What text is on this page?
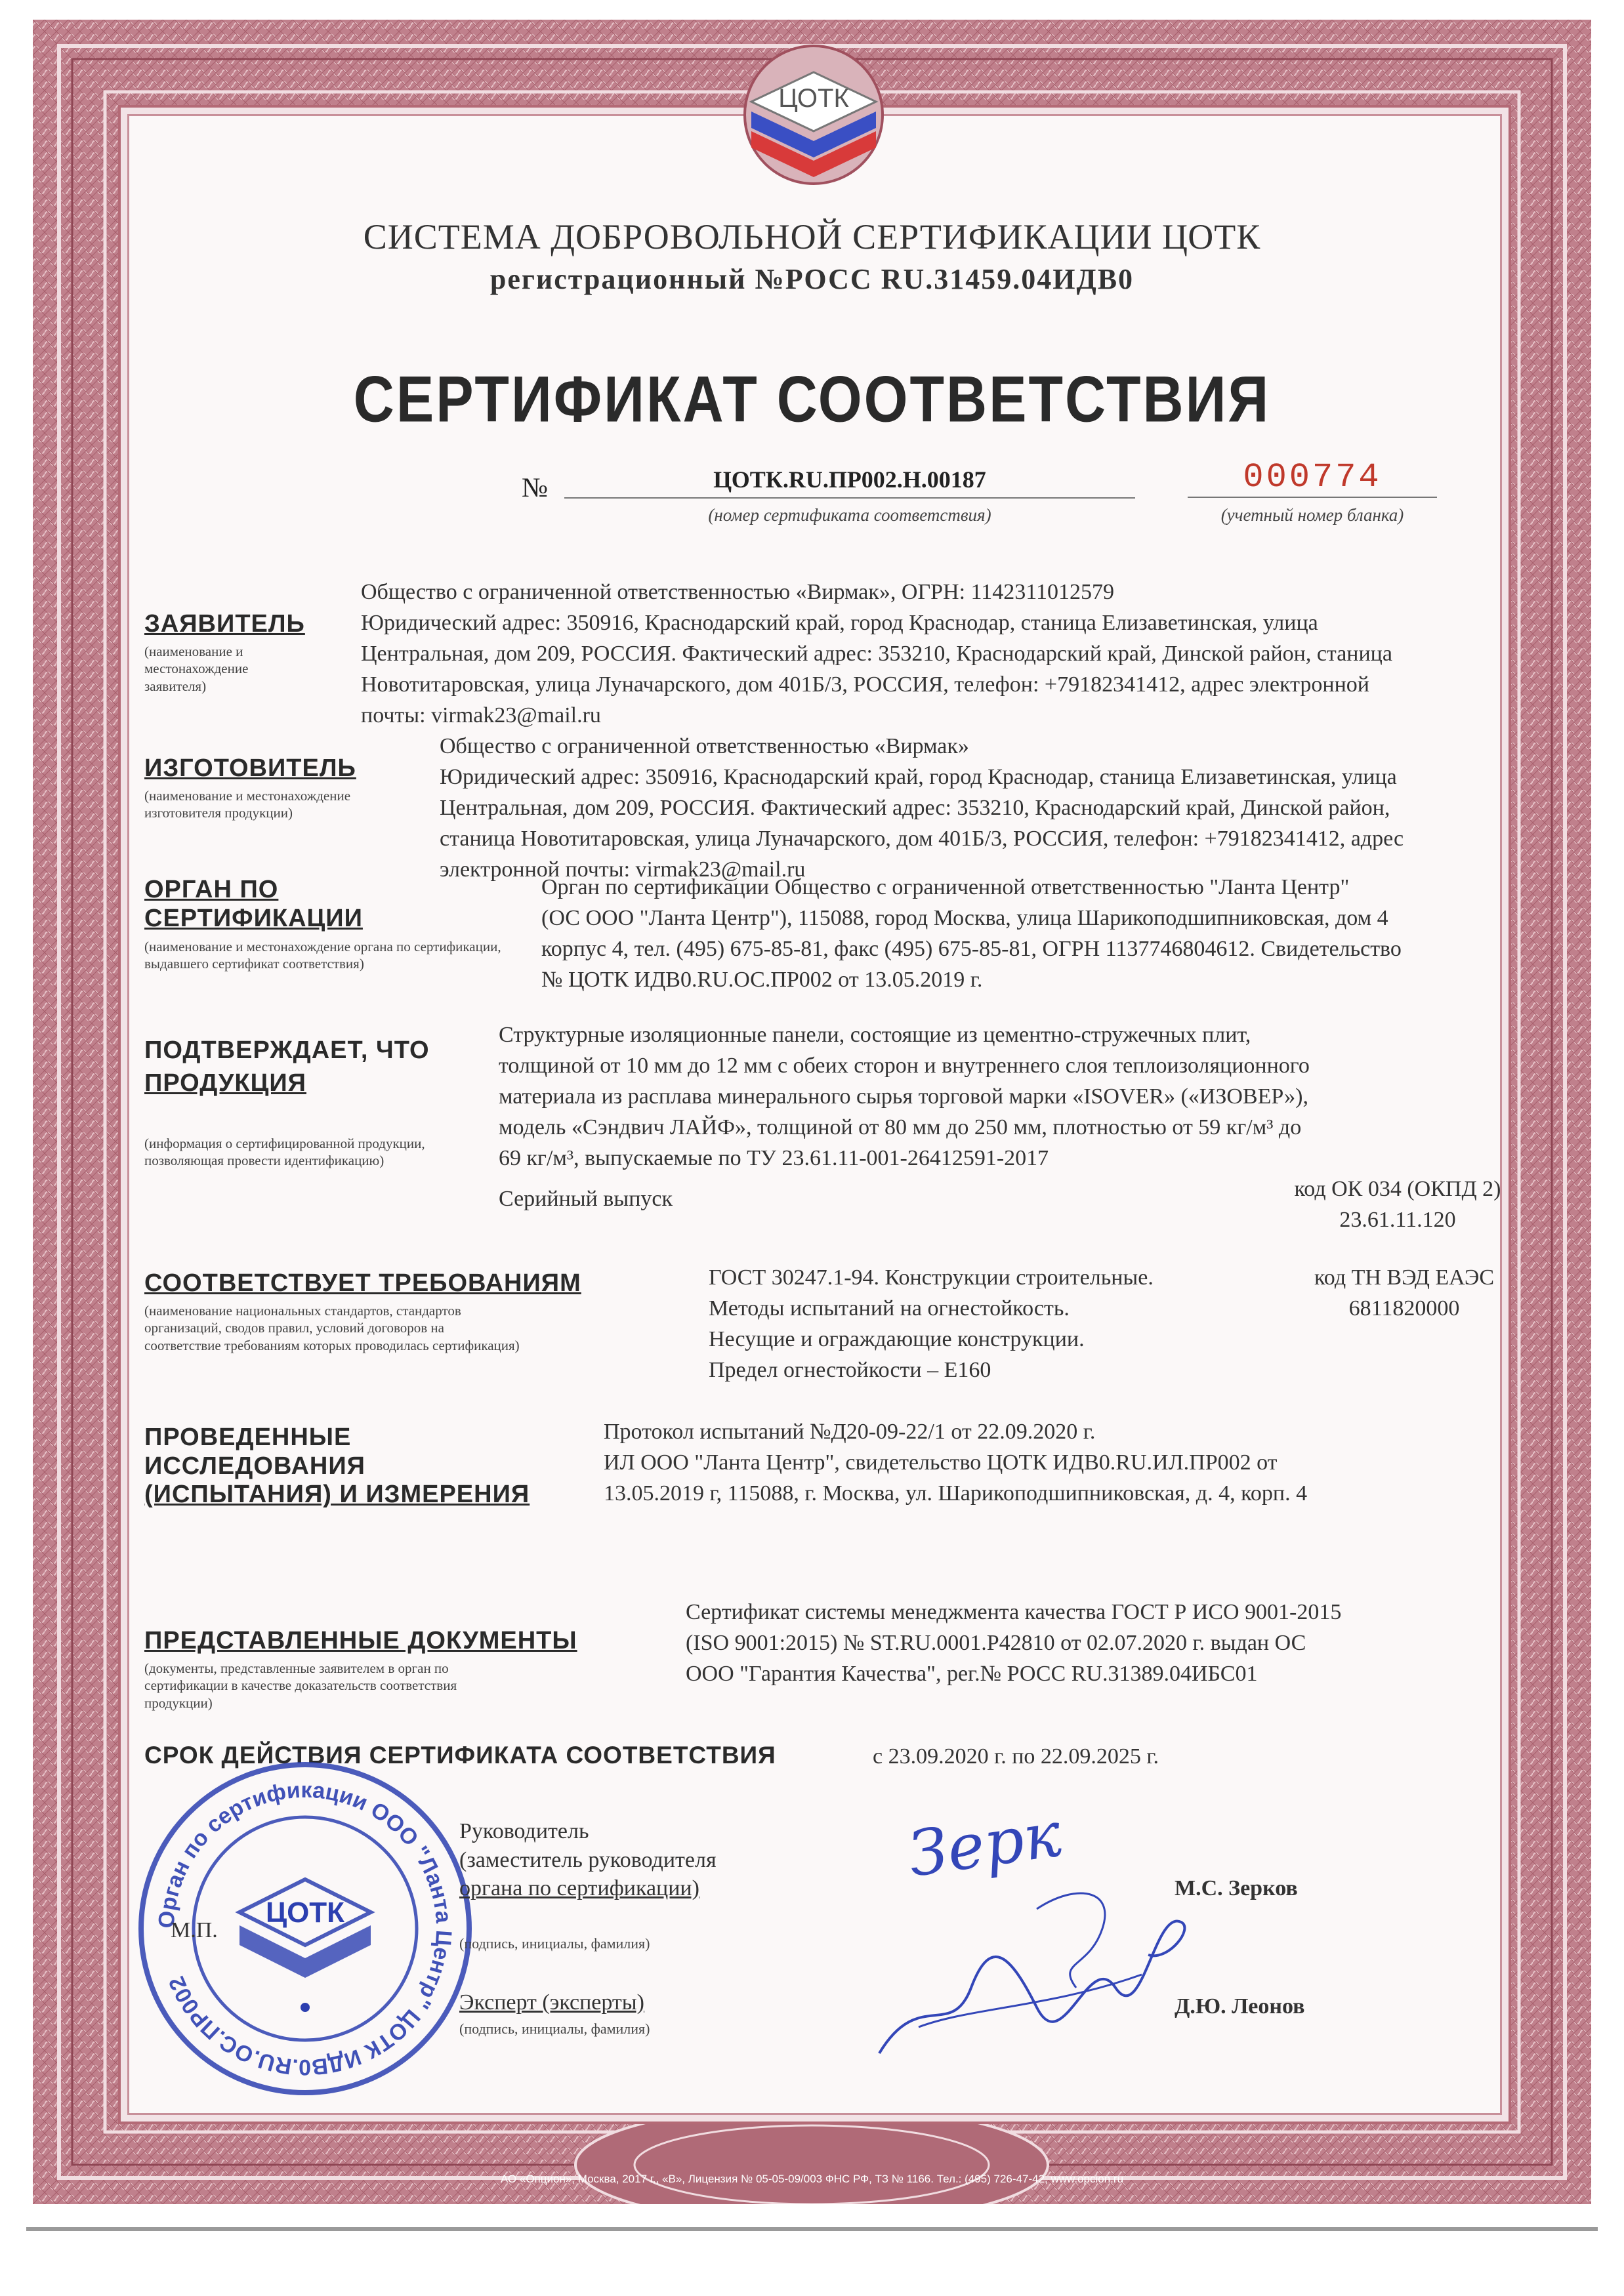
ЦОТК
СИСТЕМА ДОБРОВОЛЬНОЙ СЕРТИФИКАЦИИ ЦОТК
регистрационный №РОСС RU.31459.04ИДВ0
СЕРТИФИКАТ СООТВЕТСТВИЯ
№	ЦОТК.RU.ПР002.Н.00187
(номер сертификата соответствия)
000774
(учетный номер бланка)
ЗАЯВИТЕЛЬ
(наименование и местонахождение заявителя)
Общество с ограниченной ответственностью «Вирмак», ОГРН: 1142311012579
Юридический адрес: 350916, Краснодарский край, город Краснодар, станица Елизаветинская, улица
Центральная, дом 209, РОССИЯ. Фактический адрес: 353210, Краснодарский край, Динской район, станица
Новотитаровская, улица Луначарского, дом 401Б/3, РОССИЯ, телефон: +79182341412, адрес электронной
почты: virmak23@mail.ru
ИЗГОТОВИТЕЛЬ
(наименование и местонахождение изготовителя продукции)
Общество с ограниченной ответственностью «Вирмак»
Юридический адрес: 350916, Краснодарский край, город Краснодар, станица Елизаветинская, улица
Центральная, дом 209, РОССИЯ. Фактический адрес: 353210, Краснодарский край, Динской район,
станица Новотитаровская, улица Луначарского, дом 401Б/3, РОССИЯ, телефон: +79182341412, адрес
электронной почты: virmak23@mail.ru
ОРГАН ПО
СЕРТИФИКАЦИИ
(наименование и местонахождение органа по сертификации, выдавшего сертификат соответствия)
Орган по сертификации Общество с ограниченной ответственностью "Ланта Центр"
(ОС ООО "Ланта Центр"), 115088, город Москва, улица Шарикоподшипниковская, дом 4
корпус 4, тел. (495) 675-85-81, факс (495) 675-85-81, ОГРН 1137746804612. Свидетельство
№ ЦОТК ИДВ0.RU.ОС.ПР002 от 13.05.2019 г.
ПОДТВЕРЖДАЕТ, ЧТО
ПРОДУКЦИЯ
(информация о сертифицированной продукции, позволяющая провести идентификацию)
Структурные изоляционные панели, состоящие из цементно-стружечных плит,
толщиной от 10 мм до 12 мм с обеих сторон и внутреннего слоя теплоизоляционного
материала из расплава минерального сырья торговой марки «ISOVER» («ИЗОВЕР»),
модель «Сэндвич ЛАЙФ», толщиной от 80 мм до 250 мм, плотностью от 59 кг/м³ до
69 кг/м³, выпускаемые по ТУ 23.61.11-001-26412591-2017
Серийный выпуск	код ОК 034 (ОКПД 2)
23.61.11.120
СООТВЕТСТВУЕТ ТРЕБОВАНИЯМ
(наименование национальных стандартов, стандартов
организаций, сводов правил, условий договоров на
соответствие требованиям которых проводилась сертификация)
ГОСТ 30247.1-94. Конструкции строительные.
Методы испытаний на огнестойкость.
Несущие и ограждающие конструкции.
Предел огнестойкости – Е160
код ТН ВЭД ЕАЭС
6811820000
ПРОВЕДЕННЫЕ
ИССЛЕДОВАНИЯ
(ИСПЫТАНИЯ) И ИЗМЕРЕНИЯ
Протокол испытаний №Д20-09-22/1 от 22.09.2020 г.
ИЛ ООО "Ланта Центр", свидетельство ЦОТК ИДВ0.RU.ИЛ.ПР002 от
13.05.2019 г, 115088, г. Москва, ул. Шарикоподшипниковская, д. 4, корп. 4
ПРЕДСТАВЛЕННЫЕ ДОКУМЕНТЫ
(документы, представленные заявителем в орган по
сертификации в качестве доказательств соответствия
продукции)
Сертификат системы менеджмента качества ГОСТ Р ИСО 9001-2015
(ISO 9001:2015) № ST.RU.0001.P42810 от 02.07.2020 г. выдан ОС
ООО "Гарантия Качества", рег.№ РОСС RU.31389.04ИБС01
СРОК ДЕЙСТВИЯ СЕРТИФИКАТА СООТВЕТСТВИЯ	с 23.09.2020 г. по 22.09.2025 г.
Орган по сертификации ООО "Ланта Центр" ЦОТК ИДВ0.RU.ОС.ПР002
ЦОТК
М.П.
Руководитель
(заместитель руководителя
органа по сертификации)
(подпись, инициалы, фамилия)
М.С. Зерков
Эксперт (эксперты)
(подпись, инициалы, фамилия)
Д.Ю. Леонов
Зерк
АО «Опцион», Москва, 2017 г., «В», Лицензия № 05-05-09/003 ФНС РФ, ТЗ № 1166. Тел.: (495) 726-47-42, www.opcion.ru
